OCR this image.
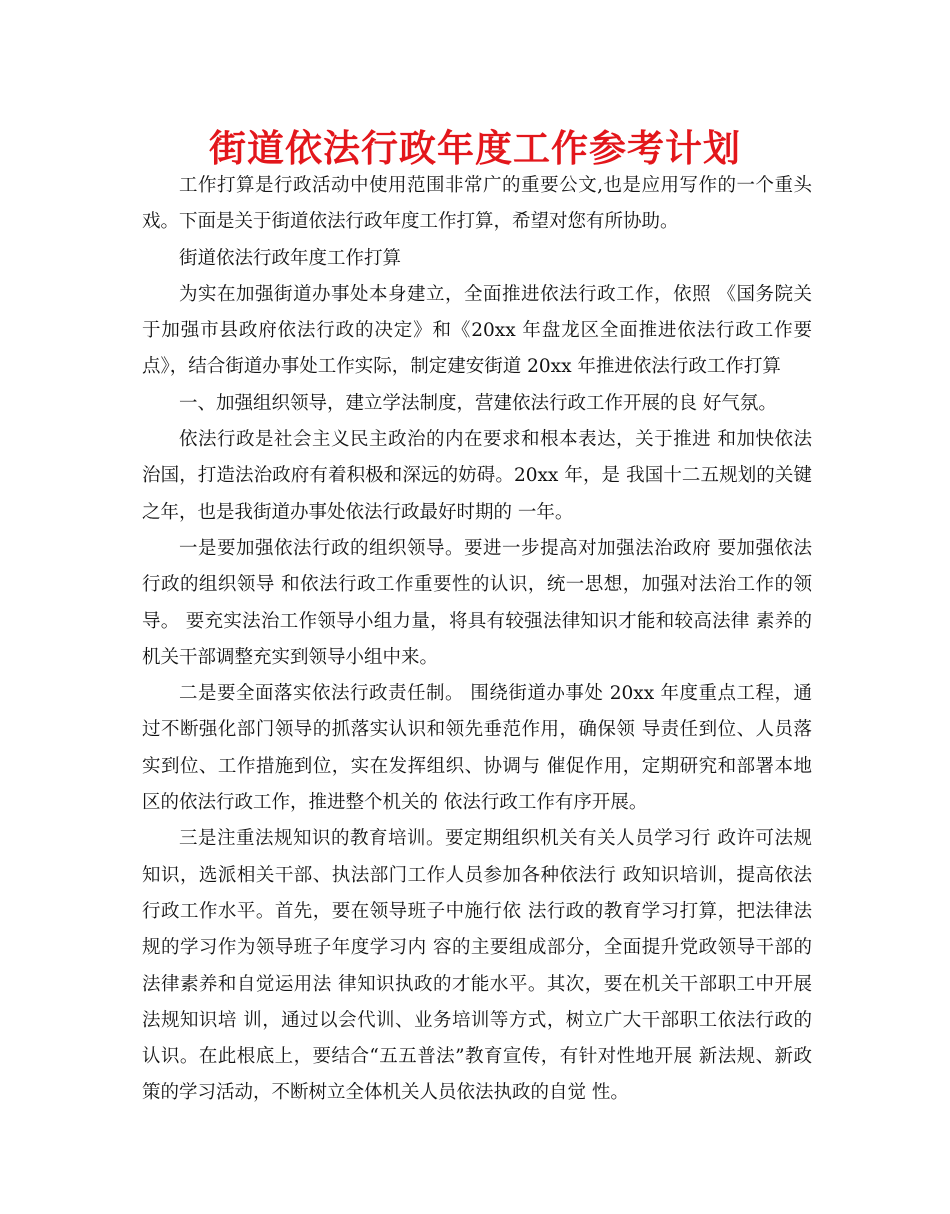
街道依法行政年度工作参考计划

工作打算是行政活动中使用范围非常广的重要公文,也是应用写作的一个重头戏。下面是关于街道依法行政年度工作打算，希望对您有所协助。

街道依法行政年度工作打算

为实在加强街道办事处本身建立，全面推进依法行政工作，依照 《国务院关于加强市县政府依法行政的决定》和《20xx 年盘龙区全面推进依法行政工作要点》，结合街道办事处工作实际，制定建安街道 20xx 年推进依法行政工作打算

一、加强组织领导，建立学法制度，营建依法行政工作开展的良 好气氛。

依法行政是社会主义民主政治的内在要求和根本表达，关于推进 和加快依法治国，打造法治政府有着积极和深远的妨碍。20xx 年，是 我国十二五规划的关键之年，也是我街道办事处依法行政最好时期的 一年。

一是要加强依法行政的组织领导。要进一步提高对加强法治政府 要加强依法行政的组织领导 和依法行政工作重要性的认识，统一思想，加强对法治工作的领导。 要充实法治工作领导小组力量，将具有较强法律知识才能和较高法律 素养的机关干部调整充实到领导小组中来。

二是要全面落实依法行政责任制。 围绕街道办事处 20xx 年度重点工程，通过不断强化部门领导的抓落实认识和领先垂范作用，确保领 导责任到位、人员落实到位、工作措施到位，实在发挥组织、协调与 催促作用，定期研究和部署本地区的依法行政工作，推进整个机关的 依法行政工作有序开展。

三是注重法规知识的教育培训。要定期组织机关有关人员学习行 政许可法规知识，选派相关干部、执法部门工作人员参加各种依法行 政知识培训，提高依法行政工作水平。首先，要在领导班子中施行依 法行政的教育学习打算，把法律法规的学习作为领导班子年度学习内 容的主要组成部分，全面提升党政领导干部的法律素养和自觉运用法 律知识执政的才能水平。其次，要在机关干部职工中开展法规知识培 训，通过以会代训、业务培训等方式，树立广大干部职工依法行政的认识。在此根底上，要结合“五五普法”教育宣传，有针对性地开展 新法规、新政策的学习活动，不断树立全体机关人员依法执政的自觉 性。
